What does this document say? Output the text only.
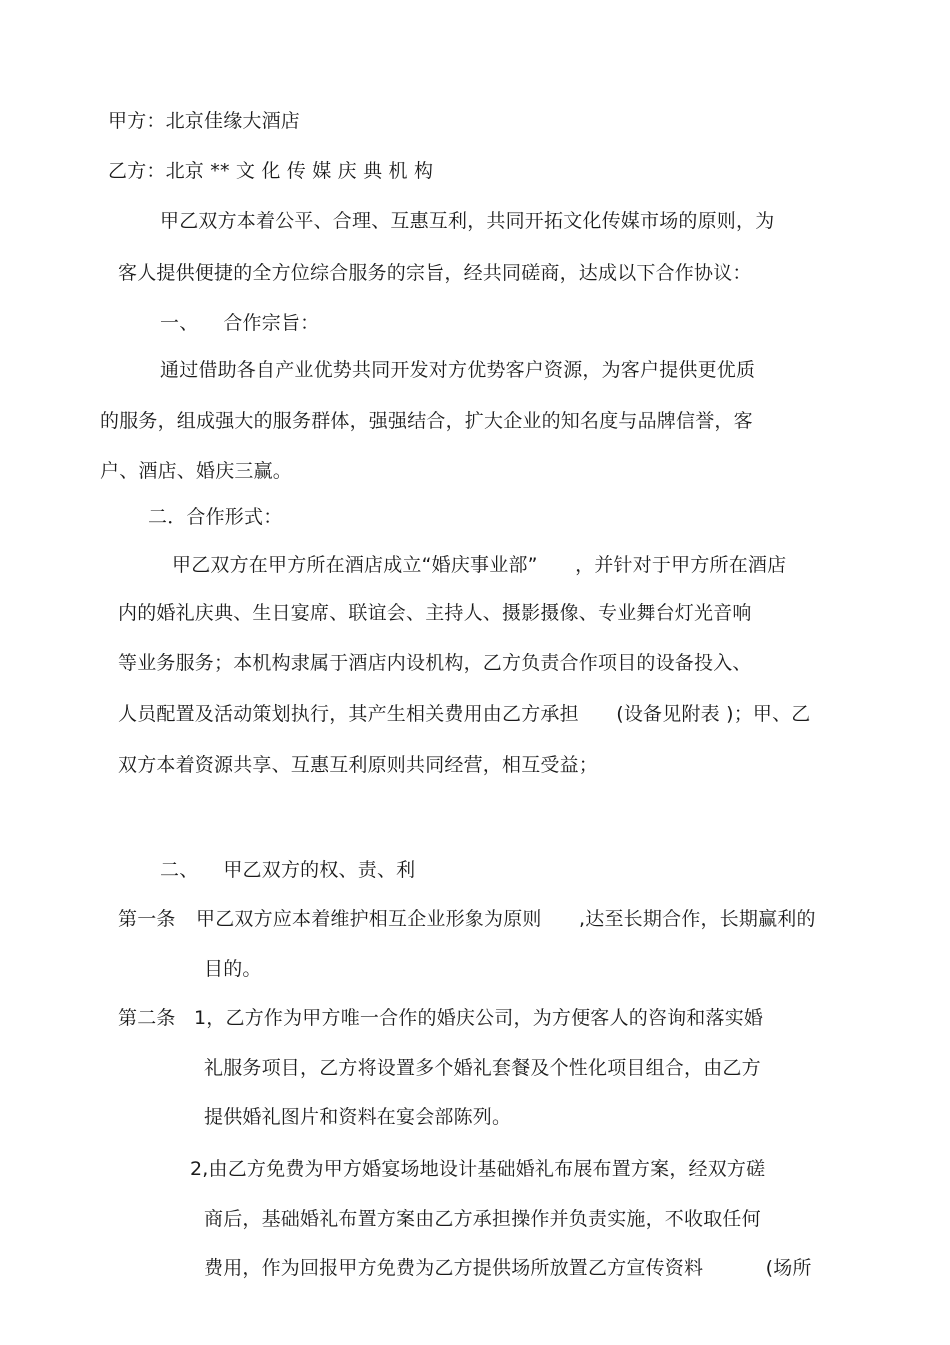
甲方：北京佳缘大酒店
乙方：北京 ** 文 化 传 媒 庆 典 机 构
甲乙双方本着公平、合理、互惠互利，共同开拓文化传媒市场的原则，为
客人提供便捷的全方位综合服务的宗旨，经共同磋商，达成以下合作协议：
一、    合作宗旨：
通过借助各自产业优势共同开发对方优势客户资源，为客户提供更优质
的服务，组成强大的服务群体，强强结合，扩大企业的知名度与品牌信誉，客
户、酒店、婚庆三赢。
二．合作形式：
甲乙双方在甲方所在酒店成立“婚庆事业部”      ，并针对于甲方所在酒店
内的婚礼庆典、生日宴席、联谊会、主持人、摄影摄像、专业舞台灯光音响
等业务服务；本机构隶属于酒店内设机构，乙方负责合作项目的设备投入、
人员配置及活动策划执行，其产生相关费用由乙方承担      (设备见附表 )；甲、乙
双方本着资源共享、互惠互利原则共同经营，相互受益；
二、    甲乙双方的权、责、利
第一条 甲乙双方应本着维护相互企业形象为原则      ,达至长期合作，长期赢利的
目的。
第二条 1，乙方作为甲方唯一合作的婚庆公司，为方便客人的咨询和落实婚
礼服务项目，乙方将设置多个婚礼套餐及个性化项目组合，由乙方
提供婚礼图片和资料在宴会部陈列。
2,由乙方免费为甲方婚宴场地设计基础婚礼布展布置方案，经双方磋
商后，基础婚礼布置方案由乙方承担操作并负责实施，不收取任何
费用，作为回报甲方免费为乙方提供场所放置乙方宣传资料          (场所
